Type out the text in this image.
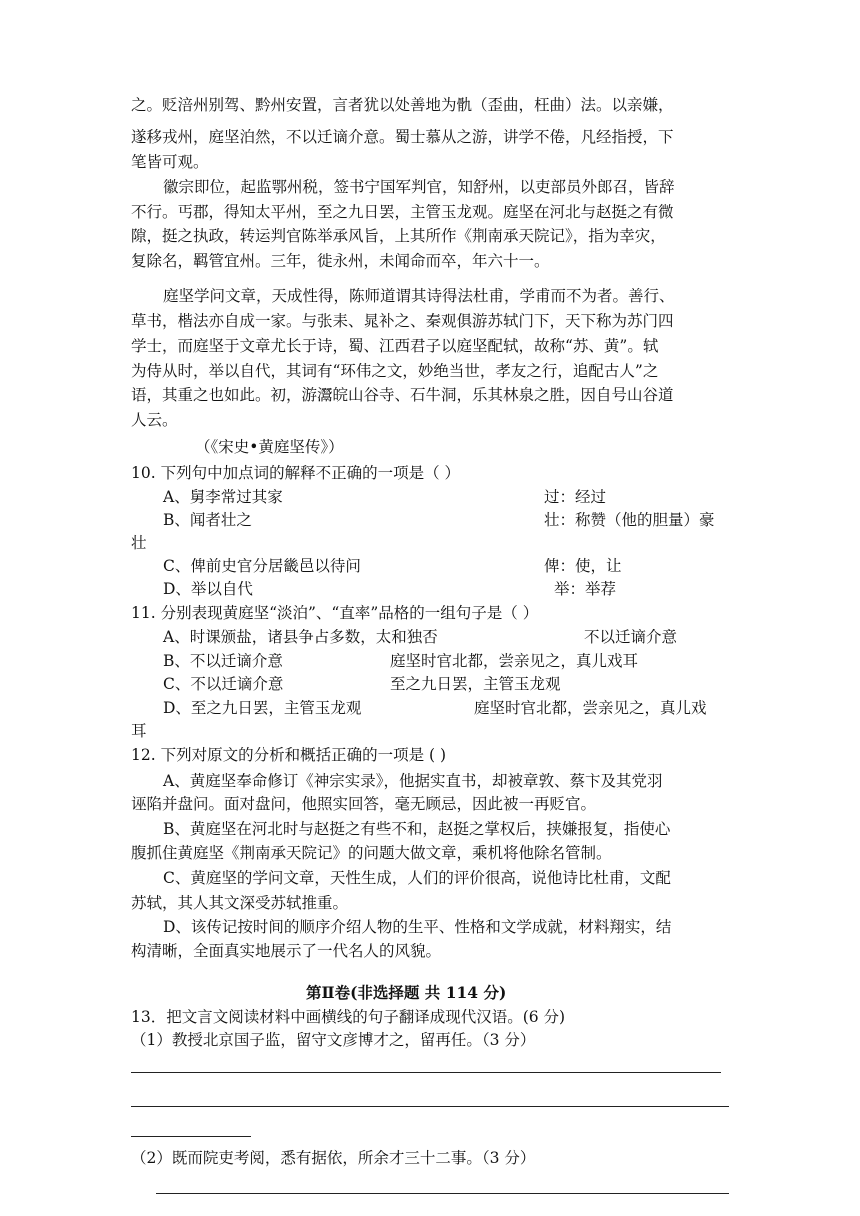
之。贬涪州别驾、黔州安置，言者犹以处善地为骩（歪曲，枉曲）法。以亲嫌，
遂移戎州，庭坚泊然，不以迁谪介意。蜀士慕从之游，讲学不倦，凡经指授，下
笔皆可观。
徽宗即位，起监鄂州税，签书宁国军判官，知舒州，以吏部员外郎召，皆辞
不行。丐郡，得知太平州，至之九日罢，主管玉龙观。庭坚在河北与赵挺之有微
隙，挺之执政，转运判官陈举承风旨，上其所作《荆南承天院记》，指为幸灾，
复除名，羁管宜州。三年，徙永州，未闻命而卒，年六十一。
庭坚学问文章，天成性得，陈师道谓其诗得法杜甫，学甫而不为者。善行、
草书，楷法亦自成一家。与张耒、晁补之、秦观俱游苏轼门下，天下称为苏门四
学士，而庭坚于文章尤长于诗，蜀、江西君子以庭坚配轼，故称“苏、黄”。轼
为侍从时，举以自代，其词有“环伟之文，妙绝当世，孝友之行，追配古人”之
语，其重之也如此。初，游灊皖山谷寺、石牛洞，乐其林泉之胜，因自号山谷道
人云。
（《宋史•黄庭坚传》）
10. 下列句中加点词的解释不正确的一项是（ ）
A、舅李常过其家	过：经过
B、闻者壮之	壮：称赞（他的胆量）豪
壮
C、俾前史官分居畿邑以待问	俾：使，让
D、举以自代	举：举荐
11. 分别表现黄庭坚“淡泊”、“直率”品格的一组句子是（ ）
A、时课颁盐，诸县争占多数，太和独否	不以迁谪介意
B、不以迁谪介意	庭坚时官北都，尝亲见之，真儿戏耳
C、不以迁谪介意	至之九日罢，主管玉龙观
D、至之九日罢，主管玉龙观	庭坚时官北都，尝亲见之，真儿戏
耳
12. 下列对原文的分析和概括正确的一项是 ( )
A、黄庭坚奉命修订《神宗实录》，他据实直书，却被章敦、蔡卞及其党羽
诬陷并盘问。面对盘问，他照实回答，毫无顾忌，因此被一再贬官。
B、黄庭坚在河北时与赵挺之有些不和，赵挺之掌权后，挟嫌报复，指使心
腹抓住黄庭坚《荆南承天院记》的问题大做文章，乘机将他除名管制。
C、黄庭坚的学问文章，天性生成，人们的评价很高，说他诗比杜甫，文配
苏轼，其人其文深受苏轼推重。
D、该传记按时间的顺序介绍人物的生平、性格和文学成就，材料翔实，结
构清晰，全面真实地展示了一代名人的风貌。
第Ⅱ卷(非选择题 共 114 分)
13．把文言文阅读材料中画横线的句子翻译成现代汉语。(6 分)
（1）教授北京国子监，留守文彦博才之，留再任。（3 分）
（2）既而院吏考阅，悉有据依，所余才三十二事。（3 分）
